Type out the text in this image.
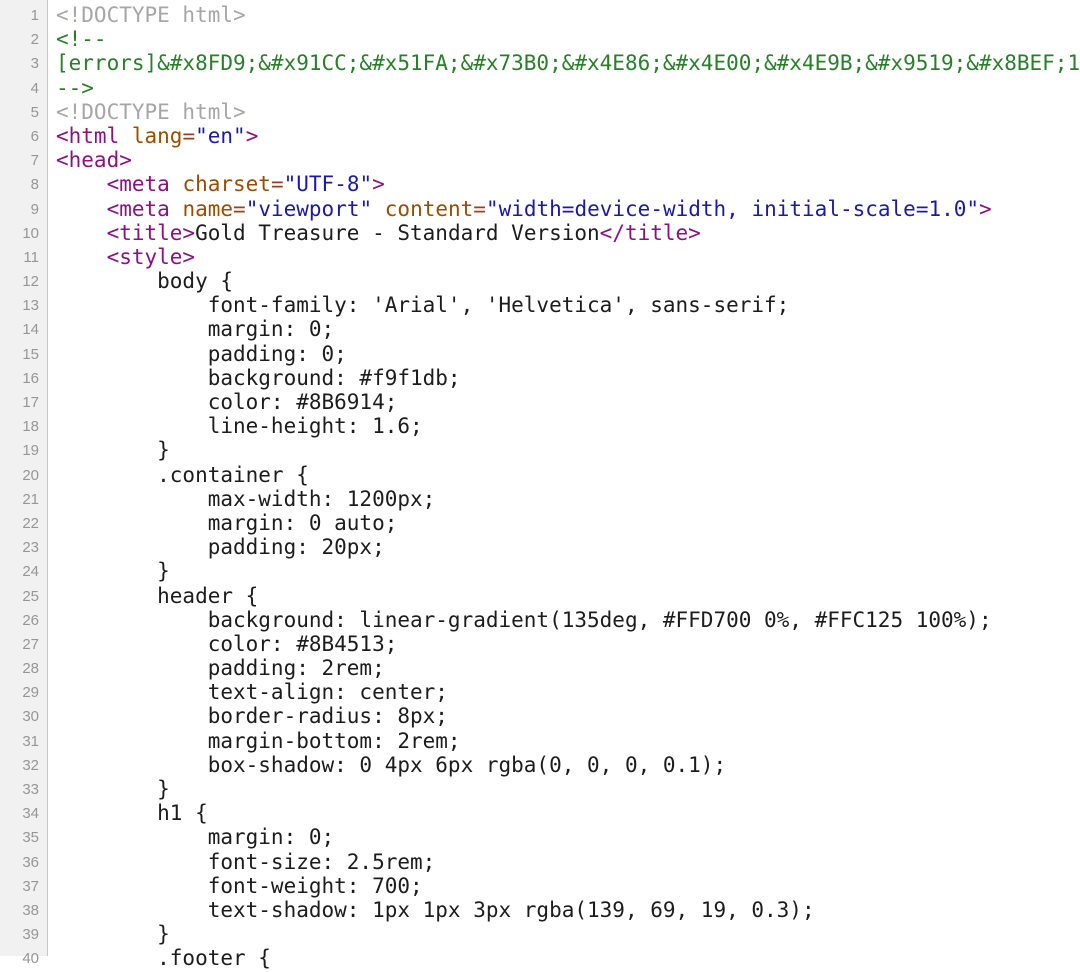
1
2
3
4
5
6
7
8
9
10
11
12
13
14
15
16
17
18
19
20
21
22
23
24
25
26
27
28
29
30
31
32
33
34
35
36
37
38
39
40
<!DOCTYPE html>
<!--
[errors]&#x8FD9;&#x91CC;&#x51FA;&#x73B0;&#x4E86;&#x4E00;&#x4E9B;&#x9519;&#x8BEF;1
-->
<!DOCTYPE html>
<html lang="en">
<head>
<meta charset="UTF-8">
<meta name="viewport" content="width=device-width, initial-scale=1.0">
<title>Gold Treasure - Standard Version</title>
<style>
body {
font-family: 'Arial', 'Helvetica', sans-serif;
margin: 0;
padding: 0;
background: #f9f1db;
color: #8B6914;
line-height: 1.6;
}
.container {
max-width: 1200px;
margin: 0 auto;
padding: 20px;
}
header {
background: linear-gradient(135deg, #FFD700 0%, #FFC125 100%);
color: #8B4513;
padding: 2rem;
text-align: center;
border-radius: 8px;
margin-bottom: 2rem;
box-shadow: 0 4px 6px rgba(0, 0, 0, 0.1);
}
h1 {
margin: 0;
font-size: 2.5rem;
font-weight: 700;
text-shadow: 1px 1px 3px rgba(139, 69, 19, 0.3);
}
.footer {
